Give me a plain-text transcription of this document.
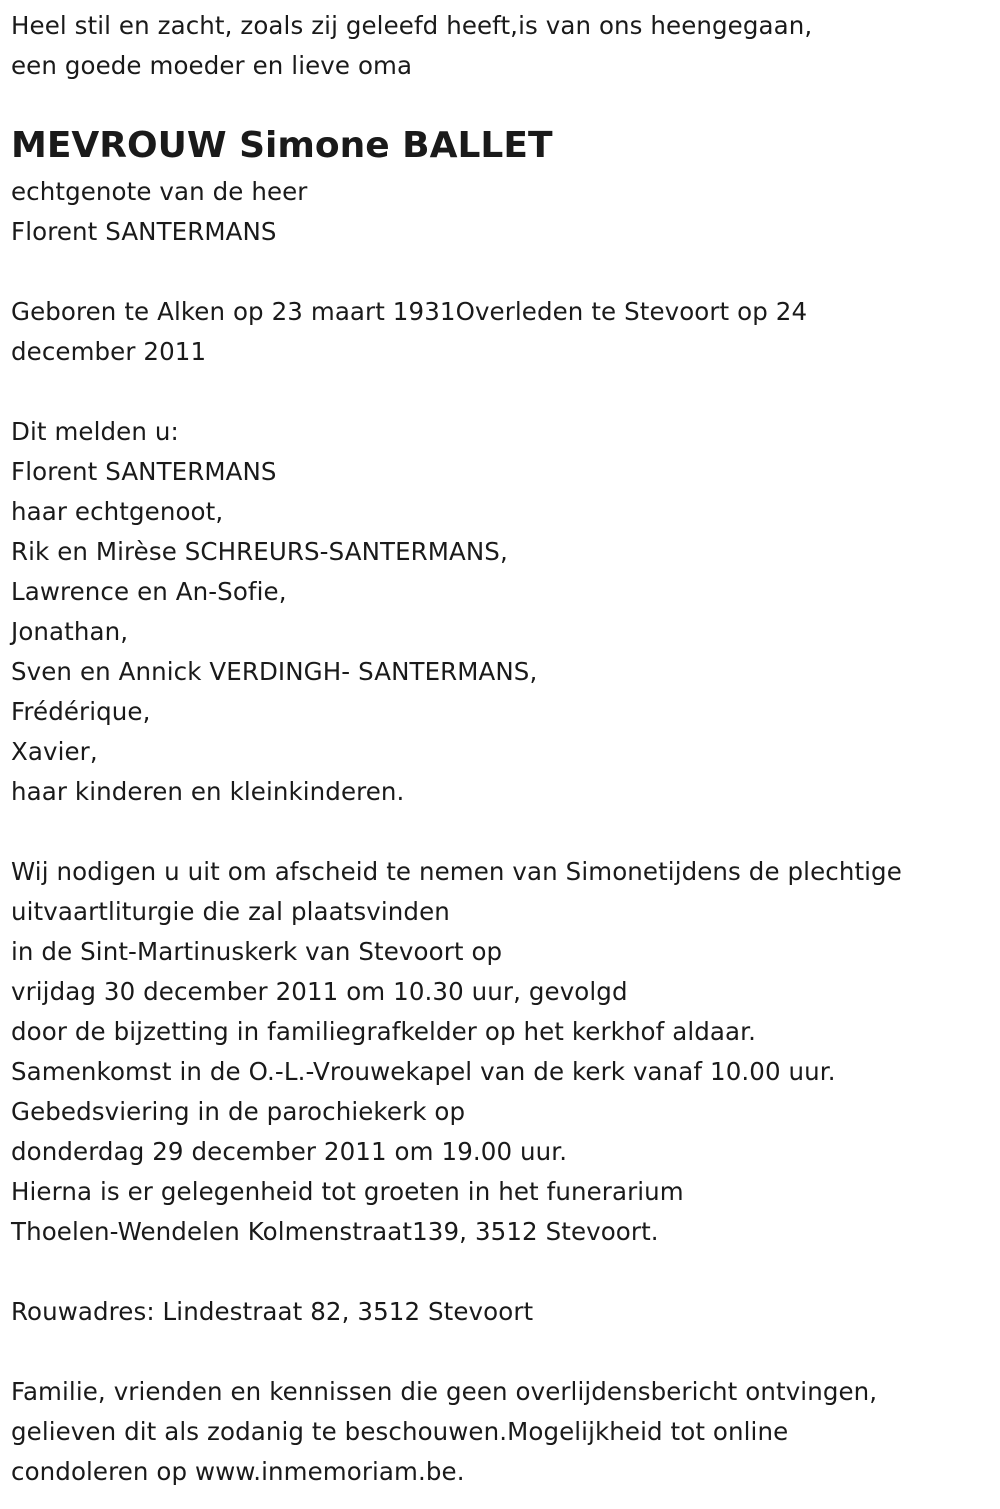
Heel stil en zacht, zoals zij geleefd heeft,is van ons heengegaan,
een goede moeder en lieve oma
MEVROUW Simone BALLET
echtgenote van de heer
Florent SANTERMANS
Geboren te Alken op 23 maart 1931Overleden te Stevoort op 24
december 2011
Dit melden u:
Florent SANTERMANS
haar echtgenoot,
Rik en Mirèse SCHREURS-SANTERMANS,
Lawrence en An-Sofie,
Jonathan,
Sven en Annick VERDINGH- SANTERMANS,
Frédérique,
Xavier,
haar kinderen en kleinkinderen.
Wij nodigen u uit om afscheid te nemen van Simonetijdens de plechtige
uitvaartliturgie die zal plaatsvinden
in de Sint-Martinuskerk van Stevoort op
vrijdag 30 december 2011 om 10.30 uur, gevolgd
door de bijzetting in familiegrafkelder op het kerkhof aldaar.
Samenkomst in de O.-L.-Vrouwekapel van de kerk vanaf 10.00 uur.
Gebedsviering in de parochiekerk op
donderdag 29 december 2011 om 19.00 uur.
Hierna is er gelegenheid tot groeten in het funerarium
Thoelen-Wendelen Kolmenstraat139, 3512 Stevoort.
Rouwadres: Lindestraat 82, 3512 Stevoort
Familie, vrienden en kennissen die geen overlijdensbericht ontvingen,
gelieven dit als zodanig te beschouwen.Mogelijkheid tot online
condoleren op www.inmemoriam.be.
